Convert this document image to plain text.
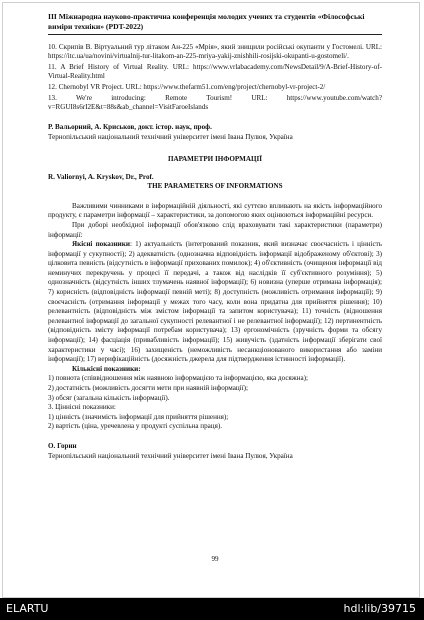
III Міжнародна науково-практична конференція молодих учених та студентів «Філософські виміри техніки» (PDT-2022)

10. Скрипiв В. Віртуальний тур літаком Ан-225 «Мрія», який знищили російські окупанти у Гостомелі. URL: https://itc.ua/ua/novini/virtualnij-tur-litakom-an-225-mriya-yakij-znishhili-rosijski-okupanti-u-gostomeli/.

11. A Brief History of Virtual Reality. URL: https://www.vrlabacademy.com/NewsDetail/9/A-Brief-History-of-Virtual-Reality.html

12. Chernobyl VR Project. URL: https://www.thefarm51.com/eng/project/chernobyl-vr-project-2/

13. We're introducing: Remote Tourism! URL: https://www.youtube.com/watch?v=RGUI8s6rI2E&t=88s&ab_channel=VisitFaroeIslands

Р. Вальорний, А. Криськов, докт. істор. наук, проф.
Тернопільський національний технічний університет імені Івана Пулюя, Україна
ПАРАМЕТРИ ІНФОРМАЦІЇ
R. Valiornyi, A. Kryskov, Dr., Prof.
THE PARAMETERS OF INFORMATIONS

Важливими чинниками в інформаційній діяльності, які суттєво впливають на якість інформаційного продукту, є параметри інформації – характеристики, за допомогою яких оцінюються інформаційні ресурси.

При доборі необхідної інформації обов'язково слід враховувати такі характеристики (параметри) інформації:

Якісні показники: 1) актуальність (інтегрований показник, який визначає своєчасність і цінність інформації у сукупності); 2) адекватність (однозначна відповідність інформації відображеному об'єктові); 3) цілковита певність (відсутність в інформації прихованих помилок); 4) об'єктивність (очищення інформації від неминучих перекручень у процесі її передачі, а також від наслідків її суб'єктивного розуміння); 5) однозначність (відсутність інших тлумачень наявної інформації); 6) новизна (уперше отримана інформація); 7) корисність (відповідність інформації певній меті); 8) доступність (можливість отримання інформації); 9) своєчасність (отримання інформації у межах того часу, коли вона придатна для прийняття рішення); 10) релевантність (відповідність між змістом інформації та запитом користувача); 11) точність (відношення релевантної інформації до загальної сукупності релевантної і не релевантної інформації); 12) пертинентність (відповідність змісту інформації потребам користувача); 13) ергономічність (зручність форми та обсягу інформації); 14) фасціація (привабливість інформації); 15) живучість (здатність інформації зберігати свої характеристики у часі); 16) захищеність (неможливість несанкціонованого використання або заміни інформації); 17) верифікаційність (досяжність джерела для підтвердження істинності інформації).

Кількісні показники:

1) повнота (співвідношення між наявною інформацією та інформацією, яка досяжна);

2) достатність (можливість досягти мети при наявній інформації);

3) обсяг (загальна кількість інформації).

3. Ціннісні показники:

1) цінність (значимість інформації для прийняття рішення);

2) вартість (ціна, уречевлена у продукті суспільна праця).

О. Горин
Тернопільський національний технічний університет імені Івана Пулюя, Україна
99
ELARTU	hdl:lib/39715
